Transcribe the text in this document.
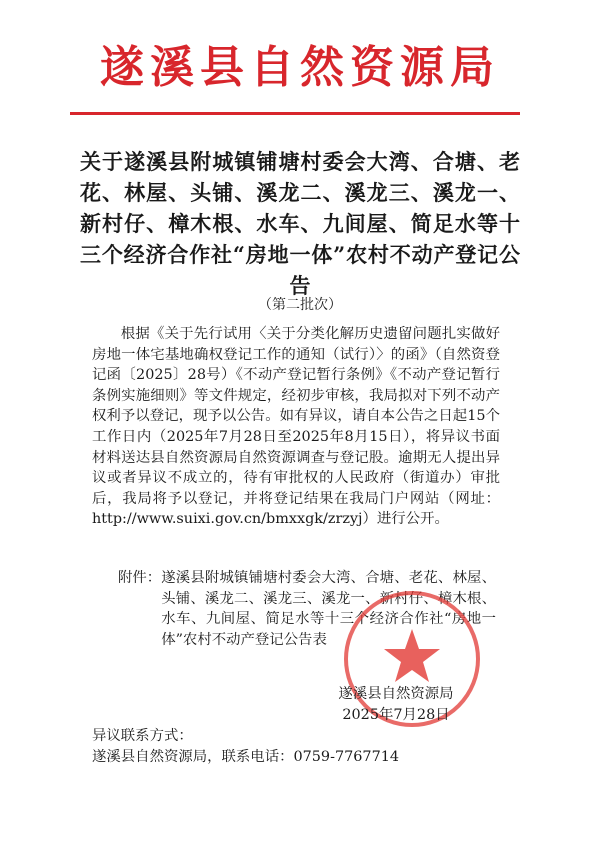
遂溪县自然资源局
关于遂溪县附城镇铺塘村委会大湾、合塘、老花、林屋、头铺、溪龙二、溪龙三、溪龙一、新村仔、樟木根、水车、九间屋、简足水等十三个经济合作社“房地一体”农村不动产登记公告
（第二批次）
根据《关于先行试用〈关于分类化解历史遗留问题扎实做好房地一体宅基地确权登记工作的通知（试行）〉的函》（自然资登记函〔2025〕28号）《不动产登记暂行条例》《不动产登记暂行条例实施细则》等文件规定，经初步审核，我局拟对下列不动产权利予以登记，现予以公告。如有异议，请自本公告之日起15个工作日内（2025年7月28日至2025年8月15日），将异议书面材料送达县自然资源局自然资源调查与登记股。逾期无人提出异议或者异议不成立的，待有审批权的人民政府（街道办）审批后，我局将予以登记，并将登记结果在我局门户网站（网址：http://www.suixi.gov.cn/bmxxgk/zrzyj）进行公开。
附件： 遂溪县附城镇铺塘村委会大湾、合塘、老花、林屋、头铺、溪龙二、溪龙三、溪龙一、新村仔、樟木根、水车、九间屋、简足水等十三个经济合作社“房地一体”农村不动产登记公告表
遂溪县自然资源局
2025年7月28日
异议联系方式：
遂溪县自然资源局，联系电话：0759-7767714
